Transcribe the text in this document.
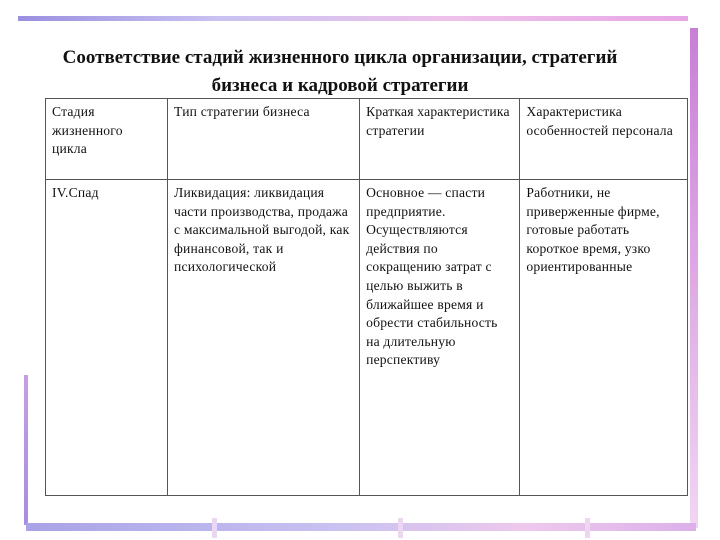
Соответствие стадий жизненного цикла организации, стратегий
бизнеса и кадровой стратегии
Стадия жизненного цикла	Тип стратегии бизнеса	Краткая характеристика стратегии	Характеристика особенностей персонала
IV.Спад	Ликвидация: ликвидация части производства, продажа с максимальной выгодой, как финансовой, так и психологической	Основное — спасти предприятие. Осуществляются действия по сокращению затрат с целью выжить в ближайшее время и обрести стабильность на длительную перспективу	Работники, не приверженные фирме, готовые работать короткое время, узко ориентированные
